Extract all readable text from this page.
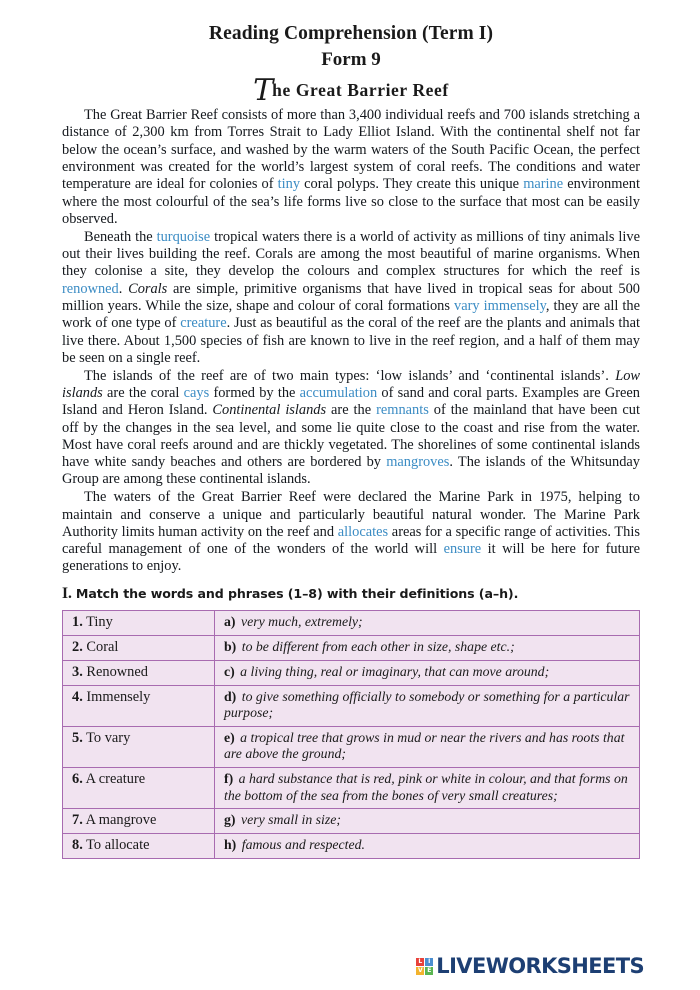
Reading Comprehension (Term I)
Form 9
The Great Barrier Reef

The Great Barrier Reef consists of more than 3,400 individual reefs and 700 islands stretching a distance of 2,300 km from Torres Strait to Lady Elliot Island. With the continental shelf not far below the ocean’s surface, and washed by the warm waters of the South Pacific Ocean, the perfect environment was created for the world’s largest system of coral reefs. The conditions and water temperature are ideal for colonies of tiny coral polyps. They create this unique marine environment where the most colourful of the sea’s life forms live so close to the surface that most can be easily observed.

Beneath the turquoise tropical waters there is a world of activity as millions of tiny animals live out their lives building the reef. Corals are among the most beautiful of marine organisms. When they colonise a site, they develop the colours and complex structures for which the reef is renowned. Corals are simple, primitive organisms that have lived in tropical seas for about 500 million years. While the size, shape and colour of coral formations vary immensely, they are all the work of one type of creature. Just as beautiful as the coral of the reef are the plants and animals that live there. About 1,500 species of fish are known to live in the reef region, and a half of them may be seen on a single reef.

The islands of the reef are of two main types: ‘low islands’ and ‘continental islands’. Low islands are the coral cays formed by the accumulation of sand and coral parts. Examples are Green Island and Heron Island. Continental islands are the remnants of the mainland that have been cut off by the changes in the sea level, and some lie quite close to the coast and rise from the water. Most have coral reefs around and are thickly vegetated. The shorelines of some continental islands have white sandy beaches and others are bordered by mangroves. The islands of the Whitsunday Group are among these continental islands.

The waters of the Great Barrier Reef were declared the Marine Park in 1975, helping to maintain and conserve a unique and particularly beautiful natural wonder. The Marine Park Authority limits human activity on the reef and allocates areas for a specific range of activities. This careful management of one of the wonders of the world will ensure it will be here for future generations to enjoy.

I. Match the words and phrases (1–8) with their definitions (a–h).
1. Tiny	a) very much, extremely;
2. Coral	b) to be different from each other in size, shape etc.;
3. Renowned	c) a living thing, real or imaginary, that can move around;
4. Immensely	d) to give something officially to somebody or something for a particular purpose;
5. To vary	e) a tropical tree that grows in mud or near the rivers and has roots that are above the ground;
6. A creature	f) a hard substance that is red, pink or white in colour, and that forms on the bottom of the sea from the bones of very small creatures;
7. A mangrove	g) very small in size;
8. To allocate	h) famous and respected.
L I
V E LIVEWORKSHEETS
